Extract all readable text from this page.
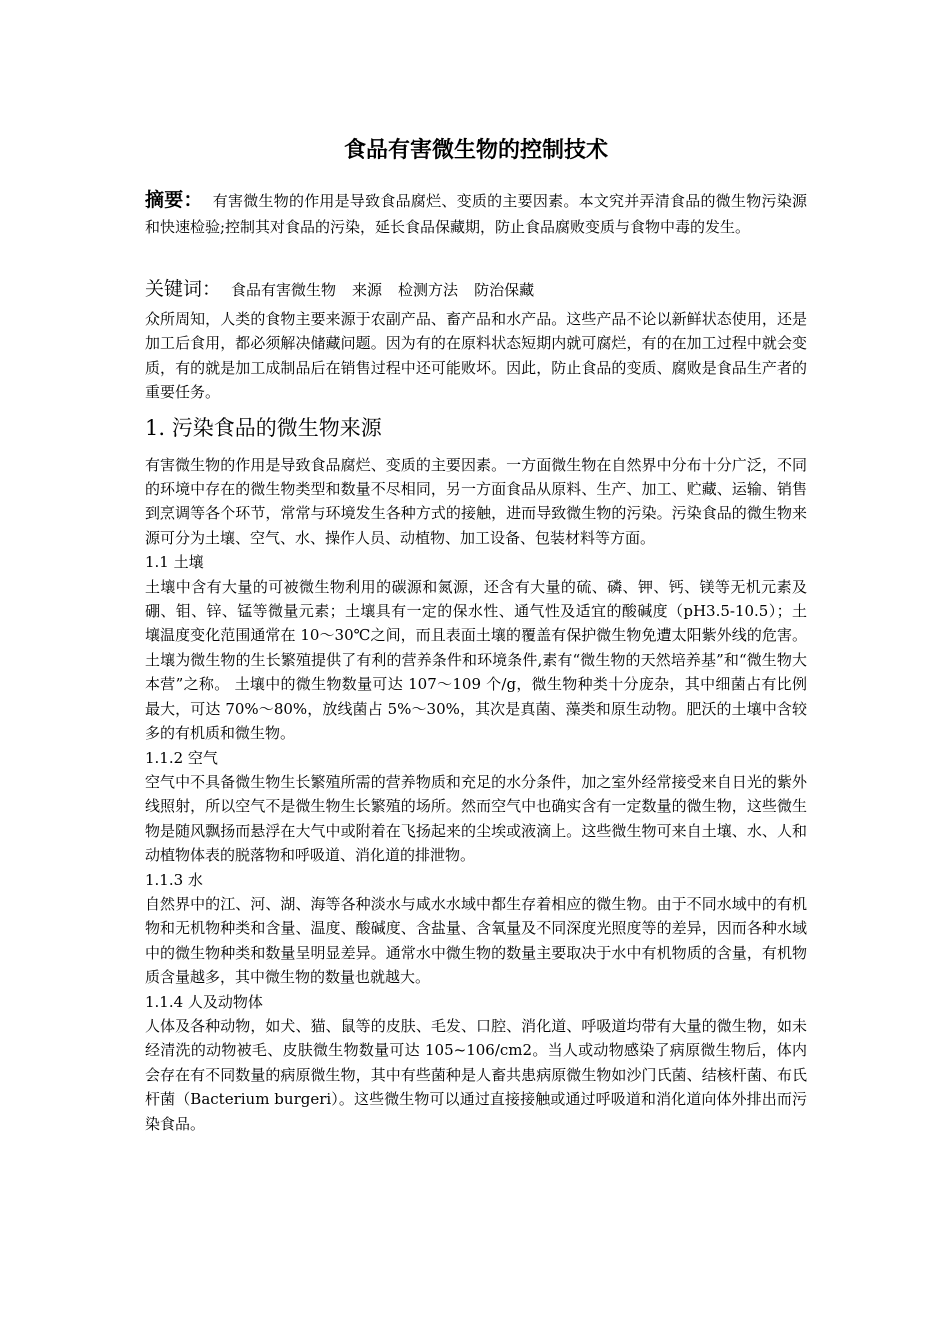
食品有害微生物的控制技术

摘要： 有害微生物的作用是导致食品腐烂、变质的主要因素。本文究并弄清食品的微生物污染源和快速检验;控制其对食品的污染，延长食品保藏期，防止食品腐败变质与食物中毒的发生。

关键词： 食品有害微生物 来源 检测方法 防治保藏

众所周知，人类的食物主要来源于农副产品、畜产品和水产品。这些产品不论以新鲜状态使用，还是加工后食用，都必须解决储藏问题。因为有的在原料状态短期内就可腐烂，有的在加工过程中就会变质，有的就是加工成制品后在销售过程中还可能败坏。因此，防止食品的变质、腐败是食品生产者的重要任务。

1. 污染食品的微生物来源

有害微生物的作用是导致食品腐烂、变质的主要因素。一方面微生物在自然界中分布十分广泛，不同的环境中存在的微生物类型和数量不尽相同，另一方面食品从原料、生产、加工、贮藏、运输、销售到烹调等各个环节，常常与环境发生各种方式的接触，进而导致微生物的污染。污染食品的微生物来源可分为土壤、空气、水、操作人员、动植物、加工设备、包装材料等方面。

1.1 土壤

土壤中含有大量的可被微生物利用的碳源和氮源，还含有大量的硫、磷、钾、钙、镁等无机元素及硼、钼、锌、锰等微量元素；土壤具有一定的保水性、通气性及适宜的酸碱度（pH3.5-10.5）；土壤温度变化范围通常在 10～30℃之间，而且表面土壤的覆盖有保护微生物免遭太阳紫外线的危害。 土壤为微生物的生长繁殖提供了有利的营养条件和环境条件,素有“微生物的天然培养基”和“微生物大本营”之称。 土壤中的微生物数量可达 107～109 个/g，微生物种类十分庞杂，其中细菌占有比例最大，可达 70%～80%，放线菌占 5%～30%，其次是真菌、藻类和原生动物。肥沃的土壤中含较多的有机质和微生物。

1.1.2 空气

空气中不具备微生物生长繁殖所需的营养物质和充足的水分条件，加之室外经常接受来自日光的紫外线照射，所以空气不是微生物生长繁殖的场所。然而空气中也确实含有一定数量的微生物，这些微生物是随风飘扬而悬浮在大气中或附着在飞扬起来的尘埃或液滴上。这些微生物可来自土壤、水、人和动植物体表的脱落物和呼吸道、消化道的排泄物。

1.1.3 水

自然界中的江、河、湖、海等各种淡水与咸水水域中都生存着相应的微生物。由于不同水域中的有机物和无机物种类和含量、温度、酸碱度、含盐量、含氧量及不同深度光照度等的差异，因而各种水域中的微生物种类和数量呈明显差异。通常水中微生物的数量主要取决于水中有机物质的含量，有机物质含量越多，其中微生物的数量也就越大。

1.1.4 人及动物体

人体及各种动物，如犬、猫、鼠等的皮肤、毛发、口腔、消化道、呼吸道均带有大量的微生物，如未经清洗的动物被毛、皮肤微生物数量可达 105~106/cm2。当人或动物感染了病原微生物后，体内会存在有不同数量的病原微生物，其中有些菌种是人畜共患病原微生物如沙门氏菌、结核杆菌、布氏杆菌（Bacterium burgeri）。这些微生物可以通过直接接触或通过呼吸道和消化道向体外排出而污染食品。
